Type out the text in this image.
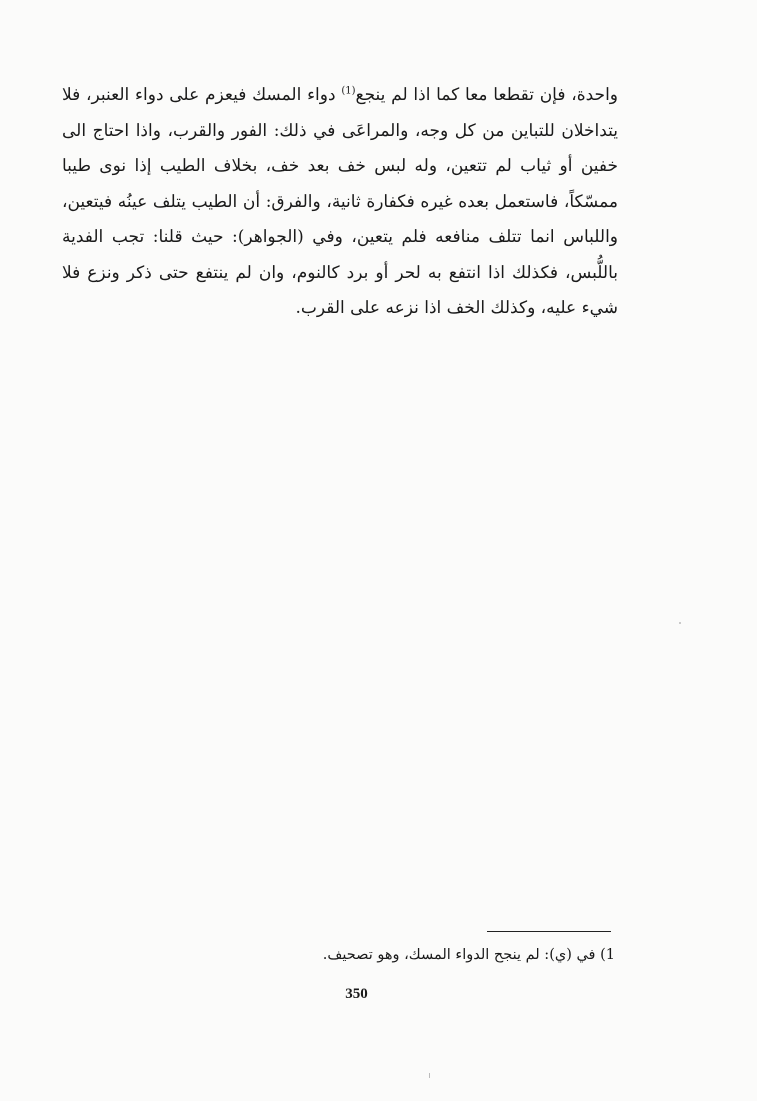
واحدة، فإن تقطعا معا كما اذا لم ينجع$^{(1)}$ دواء المسك فيعزم على دواء العنبر، فلا
يتداخلان للتباين من كل وجه، والمراعَى في ذلك: الفور والقرب، واذا احتاج الى
خفين أو ثياب لم تتعين، وله لبس خف بعد خف، بخلاف الطيب إذا نوى طيبا
ممسّكاً، فاستعمل بعده غيره فكفارة ثانية، والفرق: أن الطيب يتلف عينُه فيتعين،
واللباس انما تتلف منافعه فلم يتعين، وفي (الجواهر): حيث قلنا: تجب الفدية
باللُّبس، فكذلك اذا انتفع به لحر أو برد كالنوم، وان لم ينتفع حتى ذكر ونزع فلا
شيء عليه، وكذلك الخف اذا نزعه على القرب.
1) في (ي): لم ينجح الدواء المسك، وهو تصحيف.
350
